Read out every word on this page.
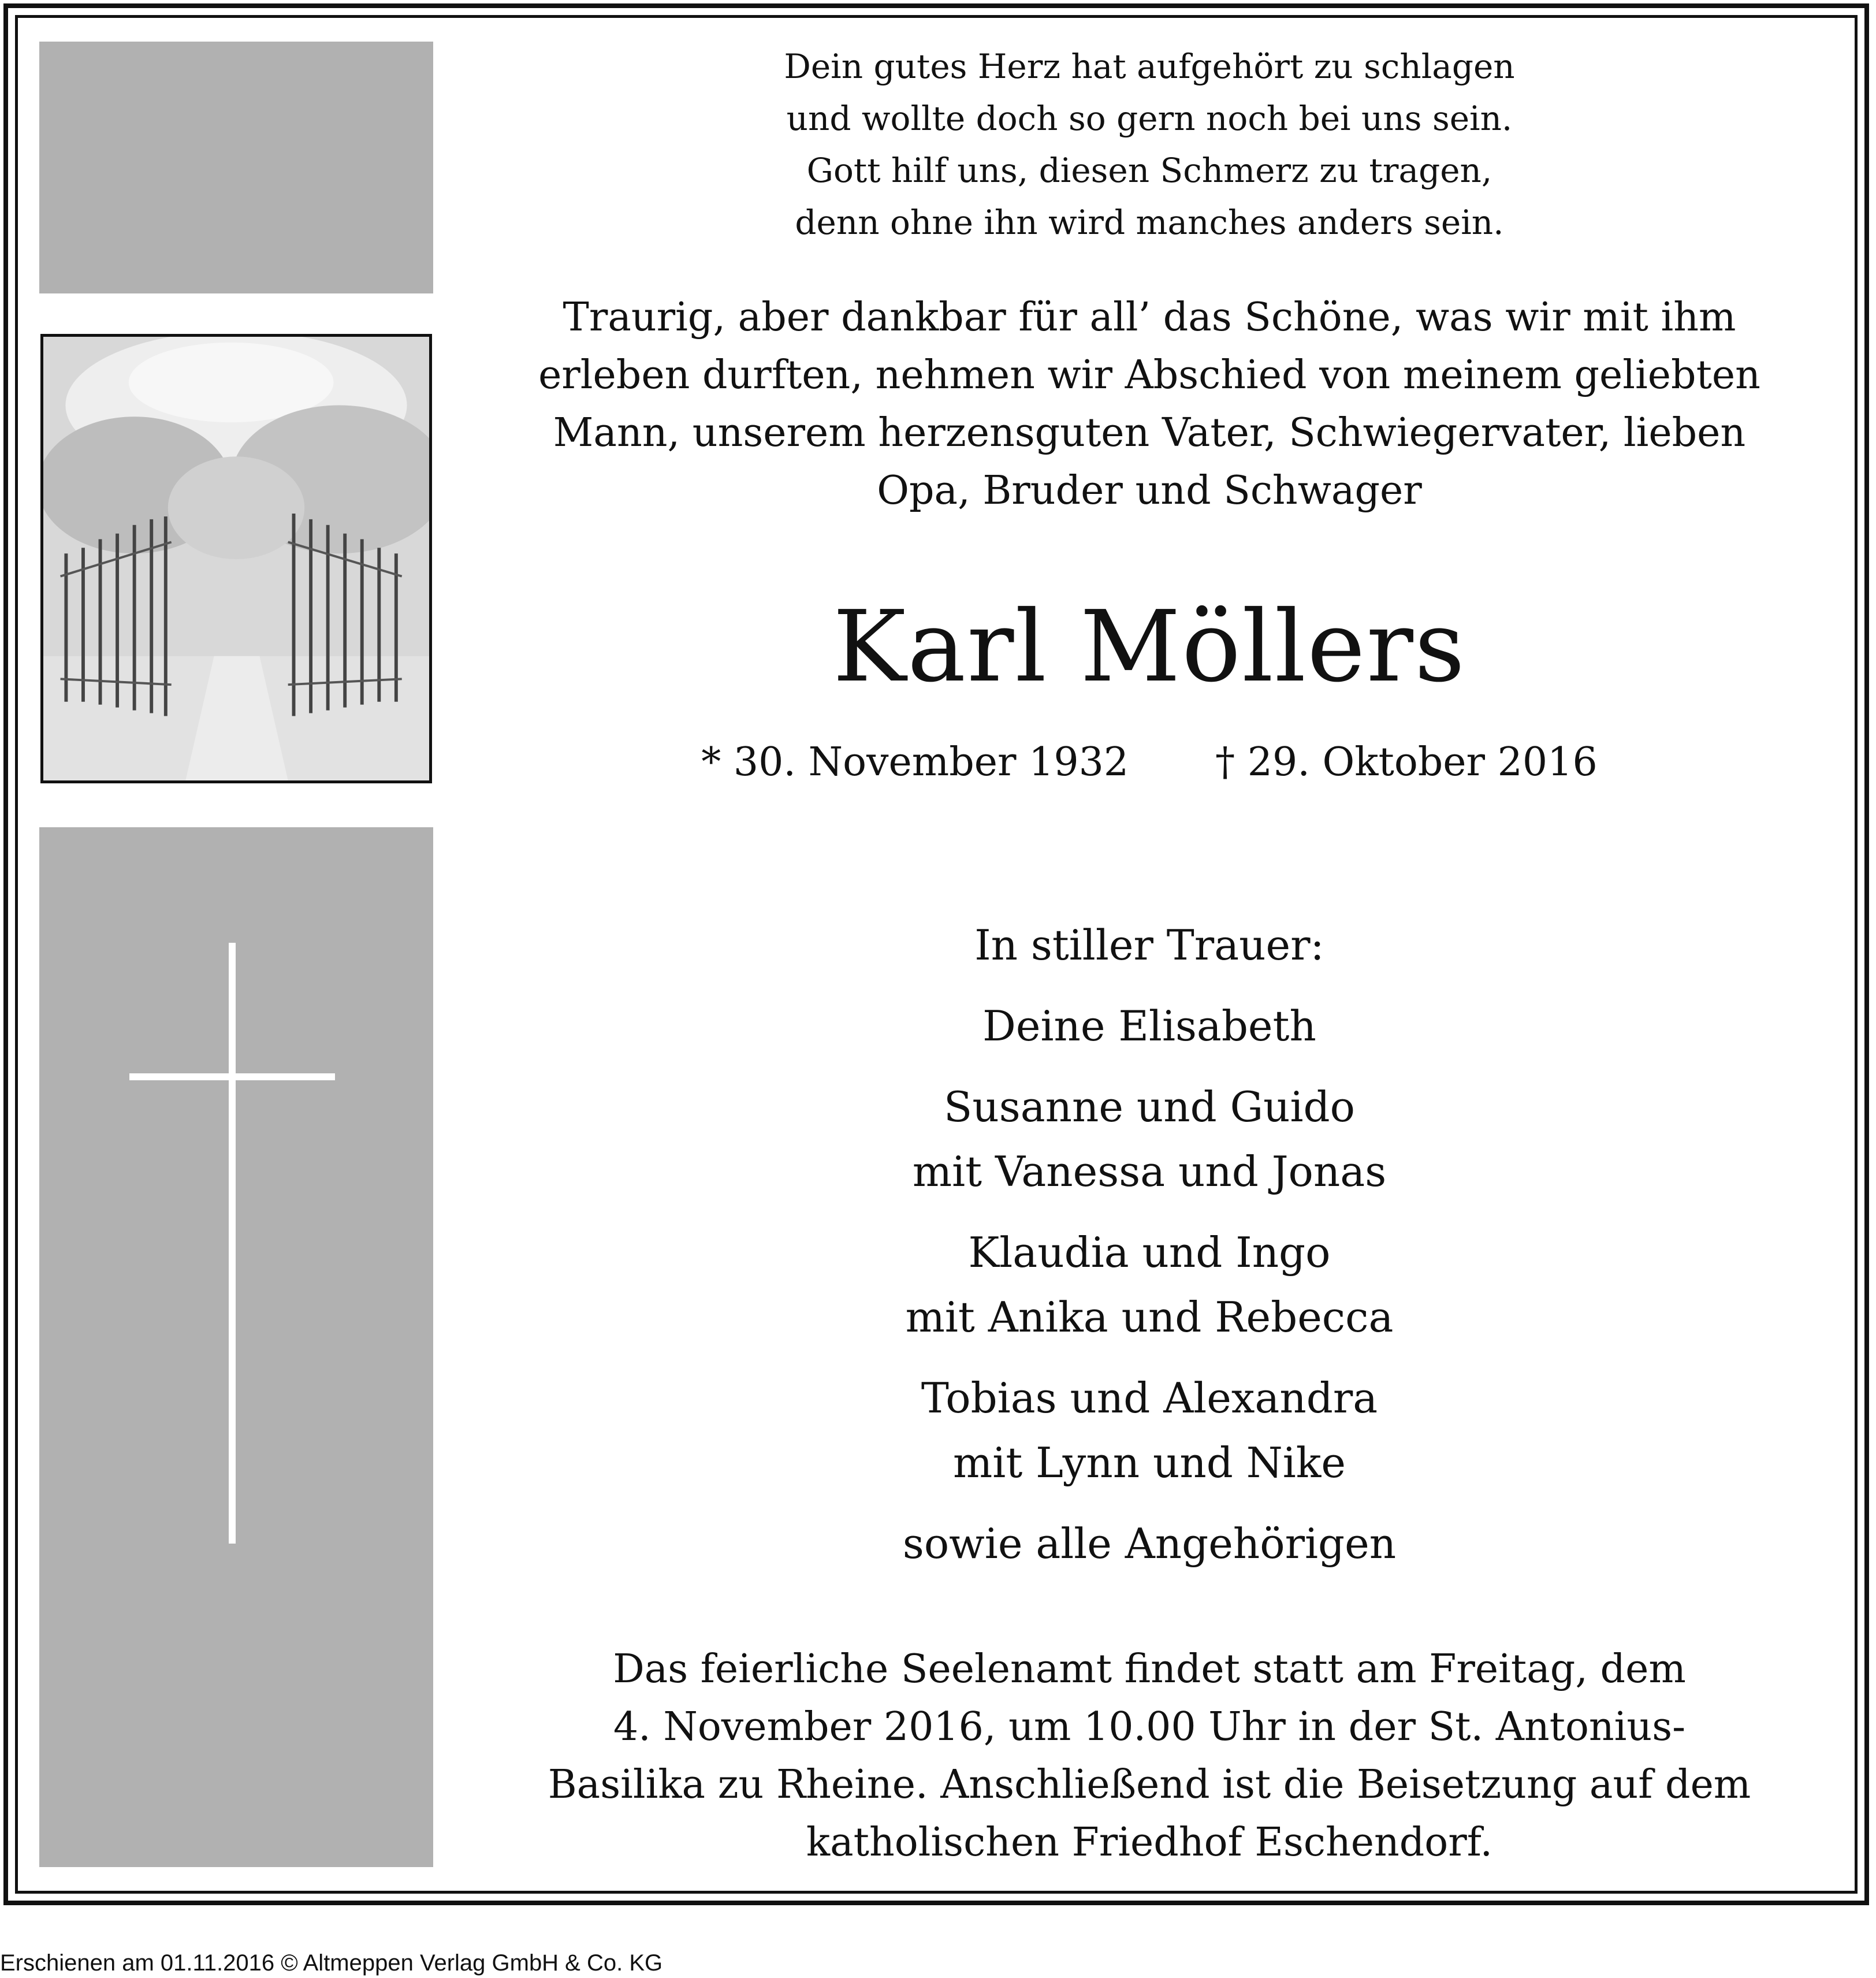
Dein gutes Herz hat aufgehört zu schlagen
und wollte doch so gern noch bei uns sein.
Gott hilf uns, diesen Schmerz zu tragen,
denn ohne ihn wird manches anders sein.
Traurig, aber dankbar für all’ das Schöne, was wir mit ihm
erleben durften, nehmen wir Abschied von meinem geliebten
Mann, unserem herzensguten Vater, Schwiegervater, lieben
Opa, Bruder und Schwager
Karl Möllers
* 30. November 1932 † 29. Oktober 2016
In stiller Trauer:
Deine Elisabeth
Susanne und Guido
mit Vanessa und Jonas
Klaudia und Ingo
mit Anika und Rebecca
Tobias und Alexandra
mit Lynn und Nike
sowie alle Angehörigen
Das feierliche Seelenamt findet statt am Freitag, dem
4. November 2016, um 10.00 Uhr in der St. Antonius-
Basilika zu Rheine. Anschließend ist die Beisetzung auf dem
katholischen Friedhof Eschendorf.
Erschienen am 01.11.2016 © Altmeppen Verlag GmbH & Co. KG
